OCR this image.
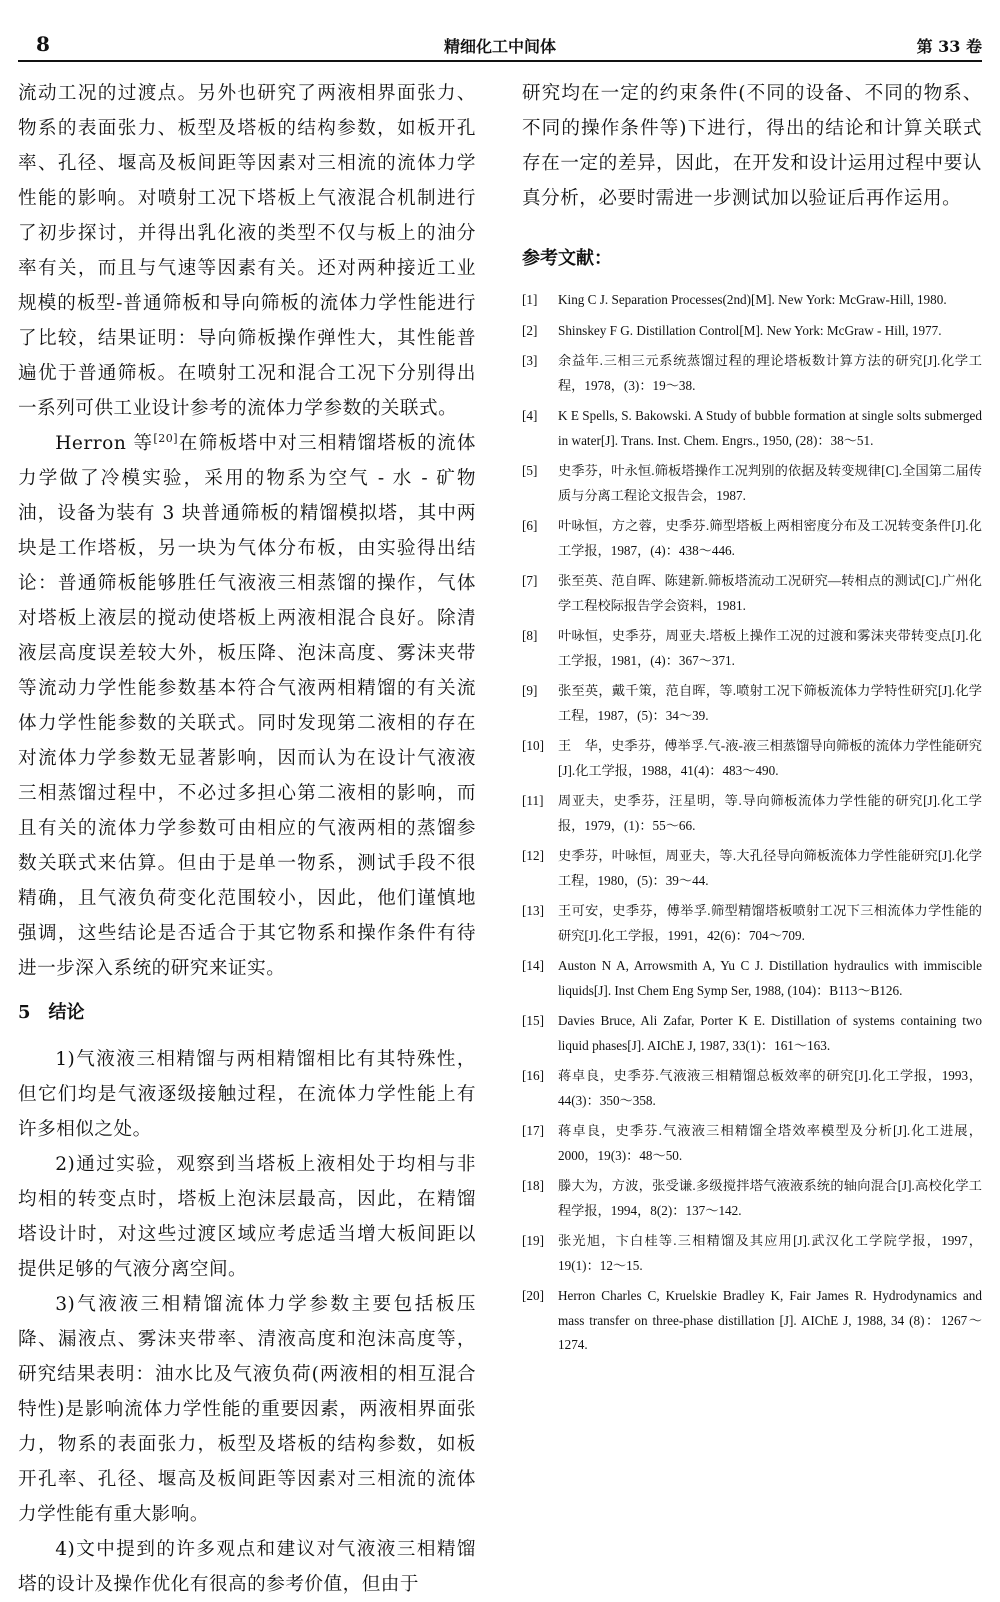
8	精细化工中间体	第 33 卷

流动工况的过渡点。另外也研究了两液相界面张力、物系的表面张力、板型及塔板的结构参数，如板开孔率、孔径、堰高及板间距等因素对三相流的流体力学性能的影响。对喷射工况下塔板上气液混合机制进行了初步探讨，并得出乳化液的类型不仅与板上的油分率有关，而且与气速等因素有关。还对两种接近工业规模的板型-普通筛板和导向筛板的流体力学性能进行了比较，结果证明：导向筛板操作弹性大，其性能普遍优于普通筛板。在喷射工况和混合工况下分别得出一系列可供工业设计参考的流体力学参数的关联式。

Herron 等[20]在筛板塔中对三相精馏塔板的流体力学做了冷模实验，采用的物系为空气 - 水 - 矿物油，设备为装有 3 块普通筛板的精馏模拟塔，其中两块是工作塔板，另一块为气体分布板，由实验得出结论：普通筛板能够胜任气液液三相蒸馏的操作，气体对塔板上液层的搅动使塔板上两液相混合良好。除清液层高度误差较大外，板压降、泡沫高度、雾沫夹带等流动力学性能参数基本符合气液两相精馏的有关流体力学性能参数的关联式。同时发现第二液相的存在对流体力学参数无显著影响，因而认为在设计气液液三相蒸馏过程中，不必过多担心第二液相的影响，而且有关的流体力学参数可由相应的气液两相的蒸馏参数关联式来估算。但由于是单一物系，测试手段不很精确，且气液负荷变化范围较小，因此，他们谨慎地强调，这些结论是否适合于其它物系和操作条件有待进一步深入系统的研究来证实。

5　结论

1)气液液三相精馏与两相精馏相比有其特殊性，但它们均是气液逐级接触过程，在流体力学性能上有许多相似之处。

2)通过实验，观察到当塔板上液相处于均相与非均相的转变点时，塔板上泡沫层最高，因此，在精馏塔设计时，对这些过渡区域应考虑适当增大板间距以提供足够的气液分离空间。

3)气液液三相精馏流体力学参数主要包括板压降、漏液点、雾沫夹带率、清液高度和泡沫高度等，研究结果表明：油水比及气液负荷(两液相的相互混合特性)是影响流体力学性能的重要因素，两液相界面张力，物系的表面张力，板型及塔板的结构参数，如板开孔率、孔径、堰高及板间距等因素对三相流的流体力学性能有重大影响。

4)文中提到的许多观点和建议对气液液三相精馏塔的设计及操作优化有很高的参考价值，但由于

研究均在一定的约束条件(不同的设备、不同的物系、不同的操作条件等)下进行，得出的结论和计算关联式存在一定的差异，因此，在开发和设计运用过程中要认真分析，必要时需进一步测试加以验证后再作运用。

参考文献：
[1]	King C J. Separation Processes(2nd)[M]. New York: McGraw-Hill, 1980.
[2]	Shinskey F G. Distillation Control[M]. New York: McGraw - Hill, 1977.
[3]	余益年.三相三元系统蒸馏过程的理论塔板数计算方法的研究[J].化学工程，1978，(3)：19～38.
[4]	K E Spells, S. Bakowski. A Study of bubble formation at single solts submerged in water[J]. Trans. Inst. Chem. Engrs., 1950, (28)：38～51.
[5]	史季芬，叶永恒.筛板塔操作工况判别的依据及转变规律[C].全国第二届传质与分离工程论文报告会，1987.
[6]	叶咏恒，方之蓉，史季芬.筛型塔板上两相密度分布及工况转变条件[J].化工学报，1987，(4)：438～446.
[7]	张至英、范自晖、陈建新.筛板塔流动工况研究—转相点的测试[C].广州化学工程校际报告学会资料，1981.
[8]	叶咏恒，史季芬，周亚夫.塔板上操作工况的过渡和雾沫夹带转变点[J].化工学报，1981，(4)：367～371.
[9]	张至英，戴千策，范自晖，等.喷射工况下筛板流体力学特性研究[J].化学工程，1987，(5)：34～39.
[10]	王　华，史季芬，傅举孚.气-液-液三相蒸馏导向筛板的流体力学性能研究[J].化工学报，1988，41(4)：483～490.
[11]	周亚夫，史季芬，汪星明，等.导向筛板流体力学性能的研究[J].化工学报，1979，(1)：55～66.
[12]	史季芬，叶咏恒，周亚夫，等.大孔径导向筛板流体力学性能研究[J].化学工程，1980，(5)：39～44.
[13]	王可安，史季芬，傅举孚.筛型精馏塔板喷射工况下三相流体力学性能的研究[J].化工学报，1991，42(6)：704～709.
[14]	Auston N A, Arrowsmith A, Yu C J. Distillation hydraulics with immiscible liquids[J]. Inst Chem Eng Symp Ser, 1988, (104)：B113～B126.
[15]	Davies Bruce, Ali Zafar, Porter K E. Distillation of systems containing two liquid phases[J]. AIChE J, 1987, 33(1)：161～163.
[16]	蒋卓良，史季芬.气液液三相精馏总板效率的研究[J].化工学报，1993，44(3)：350～358.
[17]	蒋卓良，史季芬.气液液三相精馏全塔效率模型及分析[J].化工进展，2000，19(3)：48～50.
[18]	滕大为，方波，张受谦.多级搅拌塔气液液系统的轴向混合[J].高校化学工程学报，1994，8(2)：137～142.
[19]	张光旭，卞白桂等.三相精馏及其应用[J].武汉化工学院学报，1997，19(1)：12～15.
[20]	Herron Charles C, Kruelskie Bradley K, Fair James R. Hydrodynamics and mass transfer on three-phase distillation [J]. AIChE J, 1988, 34 (8)：1267～1274.
